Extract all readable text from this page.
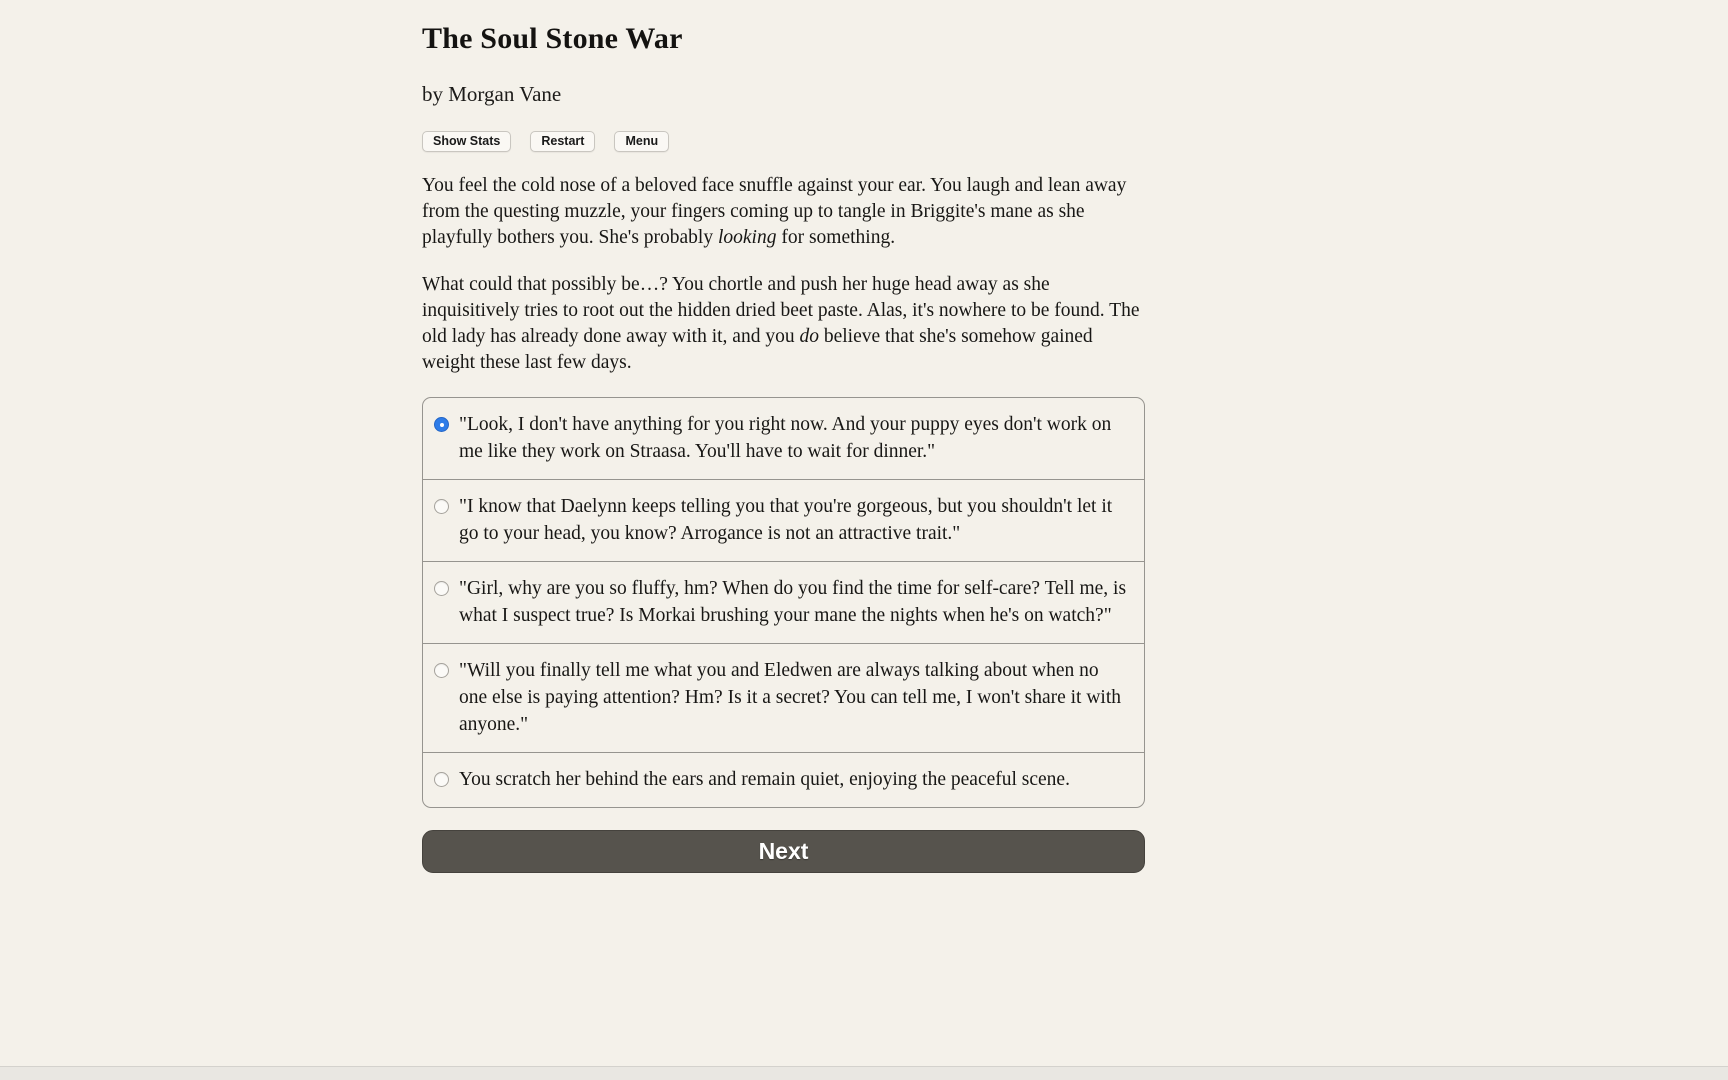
The Soul Stone War
by Morgan Vane
Show Stats	Restart	Menu

You feel the cold nose of a beloved face snuffle against your ear. You laugh and lean away from the questing muzzle, your fingers coming up to tangle in Briggite's mane as she playfully bothers you. She's probably looking for something.

What could that possibly be…? You chortle and push her huge head away as she inquisitively tries to root out the hidden dried beet paste. Alas, it's nowhere to be found. The old lady has already done away with it, and you do believe that she's somehow gained weight these last few days.

"Look, I don't have anything for you right now. And your puppy eyes don't work on me like they work on Straasa. You'll have to wait for dinner."
"I know that Daelynn keeps telling you that you're gorgeous, but you shouldn't let it go to your head, you know? Arrogance is not an attractive trait."
"Girl, why are you so fluffy, hm? When do you find the time for self-care? Tell me, is what I suspect true? Is Morkai brushing your mane the nights when he's on watch?"
"Will you finally tell me what you and Eledwen are always talking about when no one else is paying attention? Hm? Is it a secret? You can tell me, I won't share it with anyone."
You scratch her behind the ears and remain quiet, enjoying the peaceful scene.
Next
